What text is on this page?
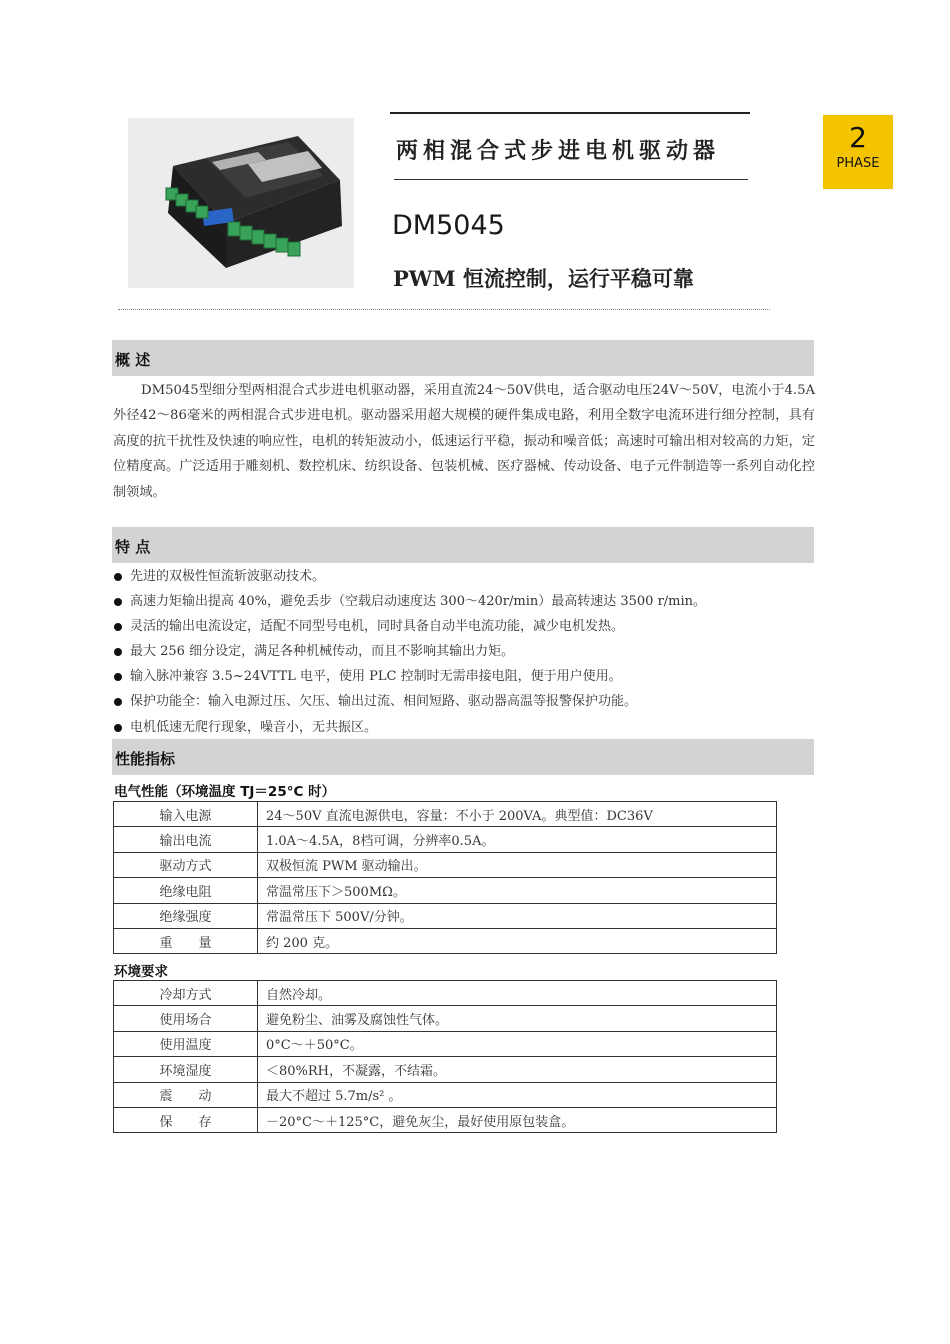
两相混合式步进电机驱动器
DM5045
PWM 恒流控制，运行平稳可靠
2
PHASE
概 述
DM5045型细分型两相混合式步进电机驱动器，采用直流24～50V供电，适合驱动电压24V～50V，电流小于4.5A外径42～86毫米的两相混合式步进电机。驱动器采用超大规模的硬件集成电路，利用全数字电流环进行细分控制，具有高度的抗干扰性及快速的响应性，电机的转矩波动小，低速运行平稳，振动和噪音低；高速时可输出相对较高的力矩，定位精度高。广泛适用于雕刻机、数控机床、纺织设备、包装机械、医疗器械、传动设备、电子元件制造等一系列自动化控制领域。
特 点
先进的双极性恒流斩波驱动技术。
高速力矩输出提高 40%，避免丢步（空载启动速度达 300～420r/min）最高转速达 3500 r/min。
灵活的输出电流设定，适配不同型号电机，同时具备自动半电流功能，减少电机发热。
最大 256 细分设定，满足各种机械传动，而且不影响其输出力矩。
输入脉冲兼容 3.5~24VTTL 电平，使用 PLC 控制时无需串接电阻，便于用户使用。
保护功能全：输入电源过压、欠压、输出过流、相间短路、驱动器高温等报警保护功能。
电机低速无爬行现象，噪音小，无共振区。
性能指标
电气性能（环境温度 TJ＝25°C 时）
输入电源	24～50V 直流电源供电，容量：不小于 200VA。典型值：DC36V
输出电流	1.0A～4.5A，8档可调，分辨率0.5A。
驱动方式	双极恒流 PWM 驱动输出。
绝缘电阻	常温常压下＞500MΩ。
绝缘强度	常温常压下 500V/分钟。
重　　量	约 200 克。
环境要求
冷却方式	自然冷却。
使用场合	避免粉尘、油雾及腐蚀性气体。
使用温度	0°C～＋50°C。
环境湿度	＜80%RH，不凝露，不结霜。
震　　动	最大不超过 5.7m/s² 。
保　　存	－20°C～＋125°C，避免灰尘，最好使用原包装盒。
